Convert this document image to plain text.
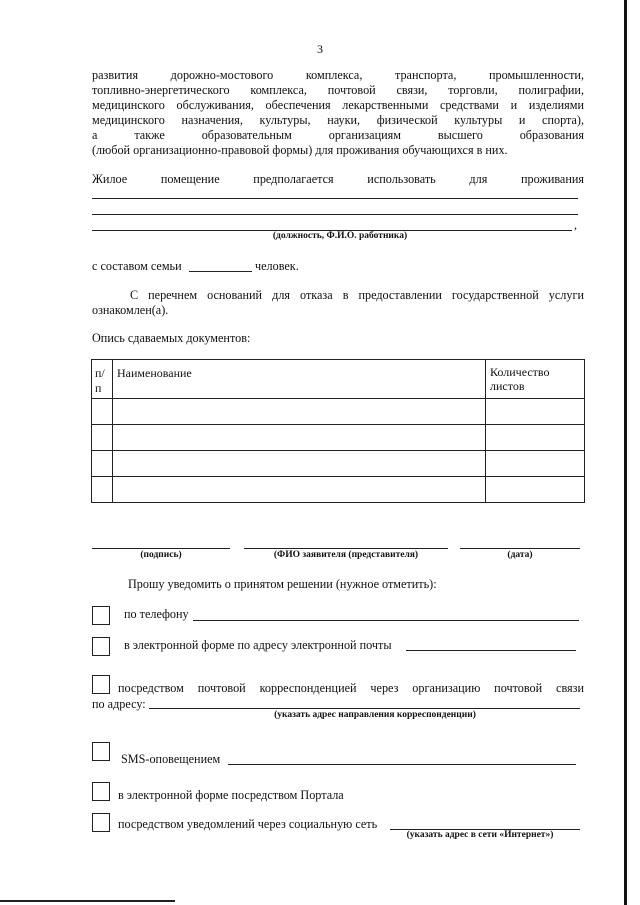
3
развития дорожно-мостового комплекса, транспорта, промышленности,
топливно-энергетического комплекса, почтовой связи, торговли, полиграфии,
медицинского обслуживания, обеспечения лекарственными средствами и изделиями
медицинского назначения, культуры, науки, физической культуры и спорта),
а также образовательным организациям высшего образования
(любой организационно-правовой формы) для проживания обучающихся в них.
Жилое помещение предполагается использовать для проживания
,
(должность, Ф.И.О. работника)
с составом семьи	человек.
С перечнем оснований для отказа в предоставлении государственной услуги
ознакомлен(а).
Опись сдаваемых документов:
п/п	Наименование	Количество
листов

(подпись)	(ФИО заявителя (представителя)	(дата)
Прошу уведомить о принятом решении (нужное отметить):
по телефону
в электронной форме по адресу электронной почты
посредством почтовой корреспонденцией через организацию почтовой связи
по адресу:
(указать адрес направления корреспонденции)
SMS-оповещением
в электронной форме посредством Портала
посредством уведомлений через социальную сеть
(указать адрес в сети «Интернет»)
